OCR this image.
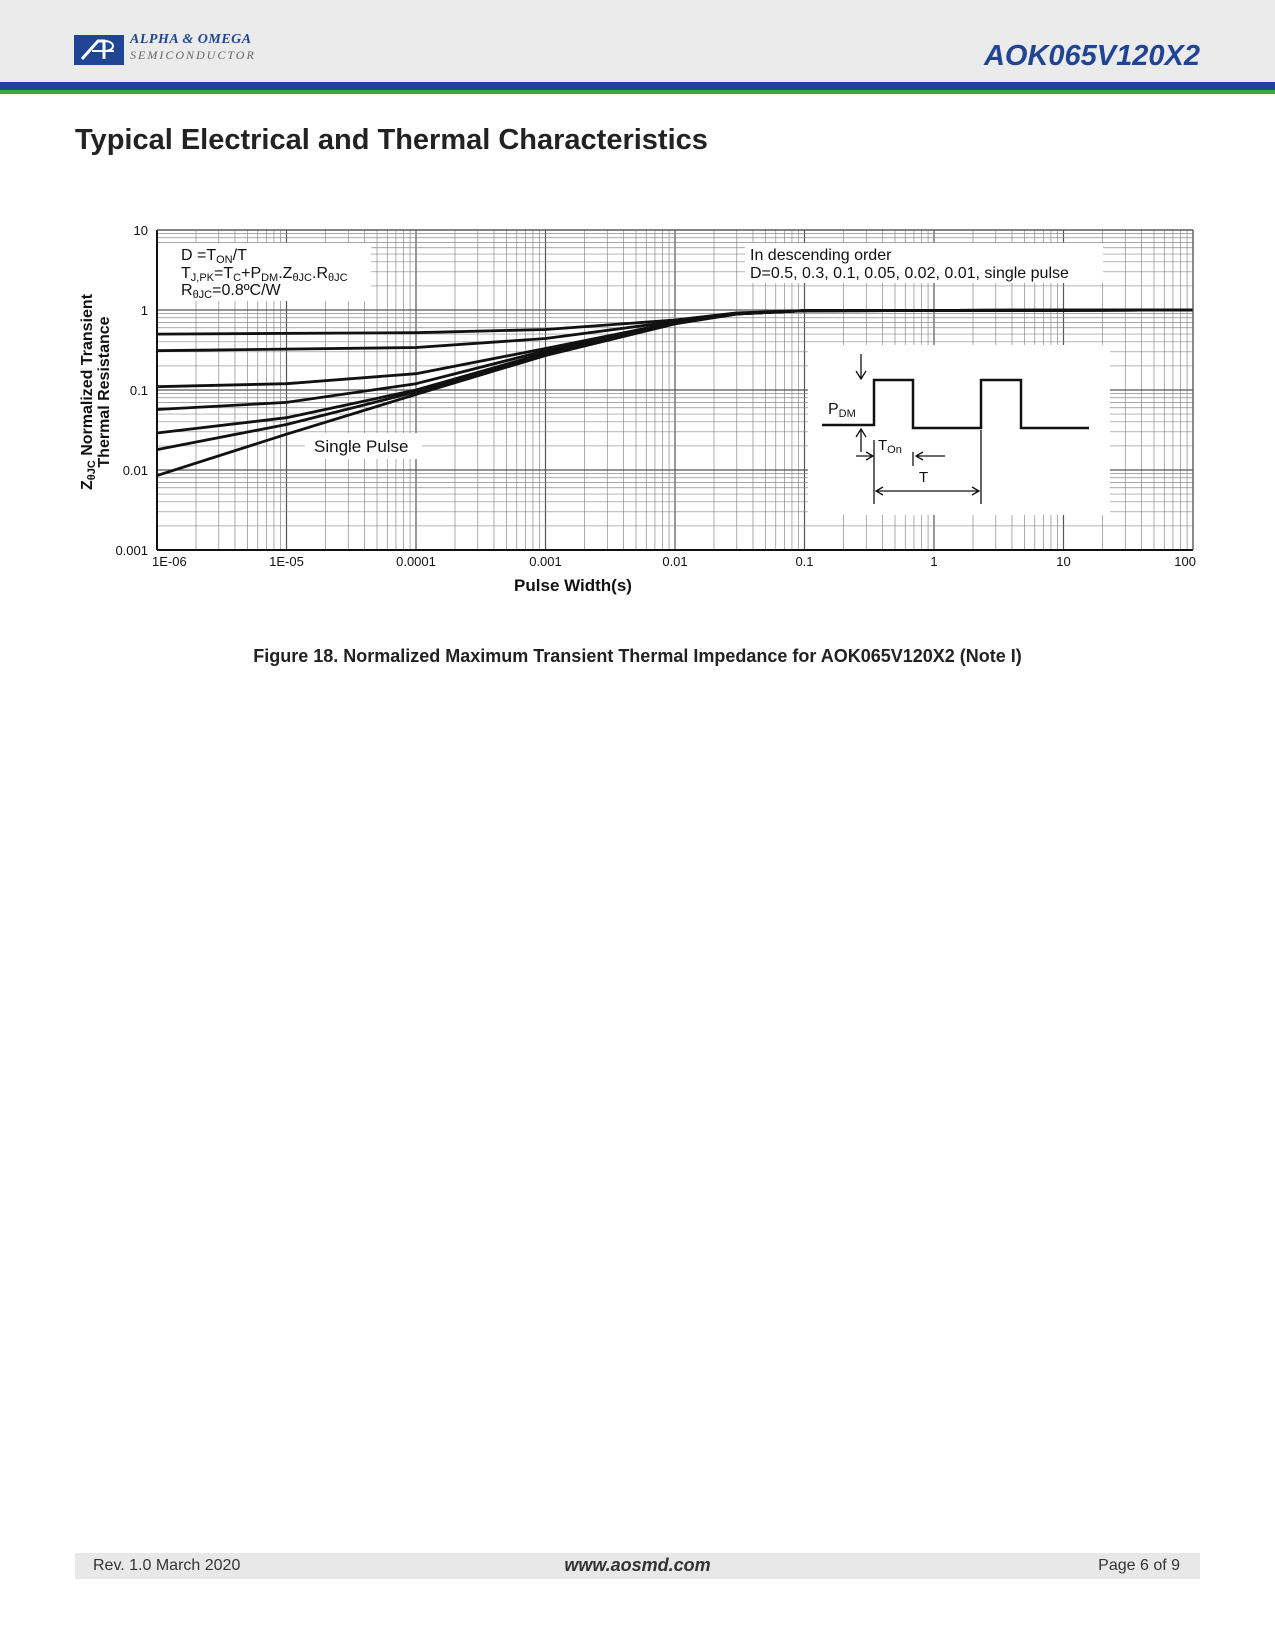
ALPHA & OMEGA
SEMICONDUCTOR	AOK065V120X2
Typical Electrical and Thermal Characteristics
1E-06	1E-05	0.0001	0.001	0.01	0.1	1	10	100
10
1
0.1
0.01
0.001
D =TON/T
TJ,PK=TC+PDM.ZθJC.RθJC
RθJC=0.8ºC/W
In descending order
D=0.5, 0.3, 0.1, 0.05, 0.02, 0.01, single pulse
Single Pulse
PDM
$T_{On}$
T
Pulse Width(s)
ZθJC Normalized Transient Thermal Resistance
Figure 18. Normalized Maximum Transient Thermal Impedance for AOK065V120X2 (Note I)
Rev. 1.0 March 2020	www.aosmd.com	Page 6 of 9
